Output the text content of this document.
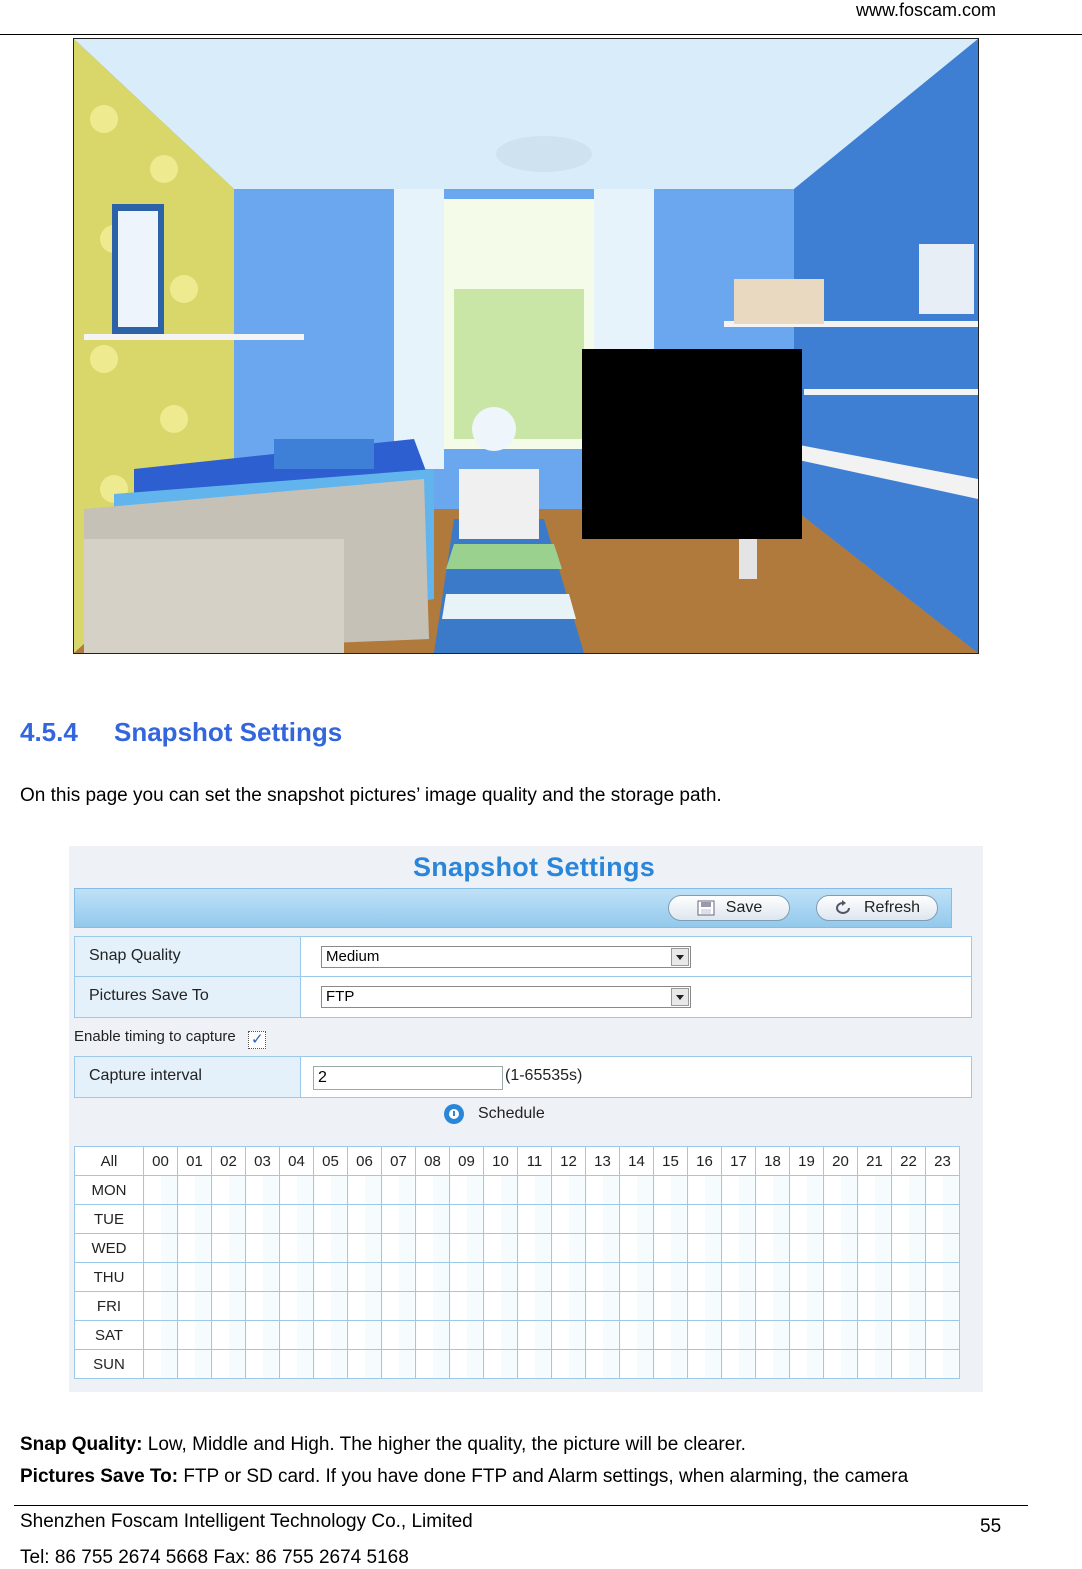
www.foscam.com
4.5.4 Snapshot Settings
On this page you can set the snapshot pictures’ image quality and the storage path.
Snapshot Settings
Save	Refresh
Snap Quality	Medium
Pictures Save To	FTP
Enable timing to capture
✓
Capture interval	2	(1-65535s)
Schedule
All	00	01	02	03	04	05	06	07	08	09	10	11	12	13	14	15	16	17	18	19	20	21	22	23
MON																								
TUE																								
WED																								
THU																								
FRI																								
SAT																								
SUN																								
Snap Quality: Low, Middle and High. The higher the quality, the picture will be clearer.
Pictures Save To: FTP or SD card. If you have done FTP and Alarm settings, when alarming, the camera
Shenzhen Foscam Intelligent Technology Co., Limited
Tel: 86 755 2674 5668 Fax: 86 755 2674 5168
55
